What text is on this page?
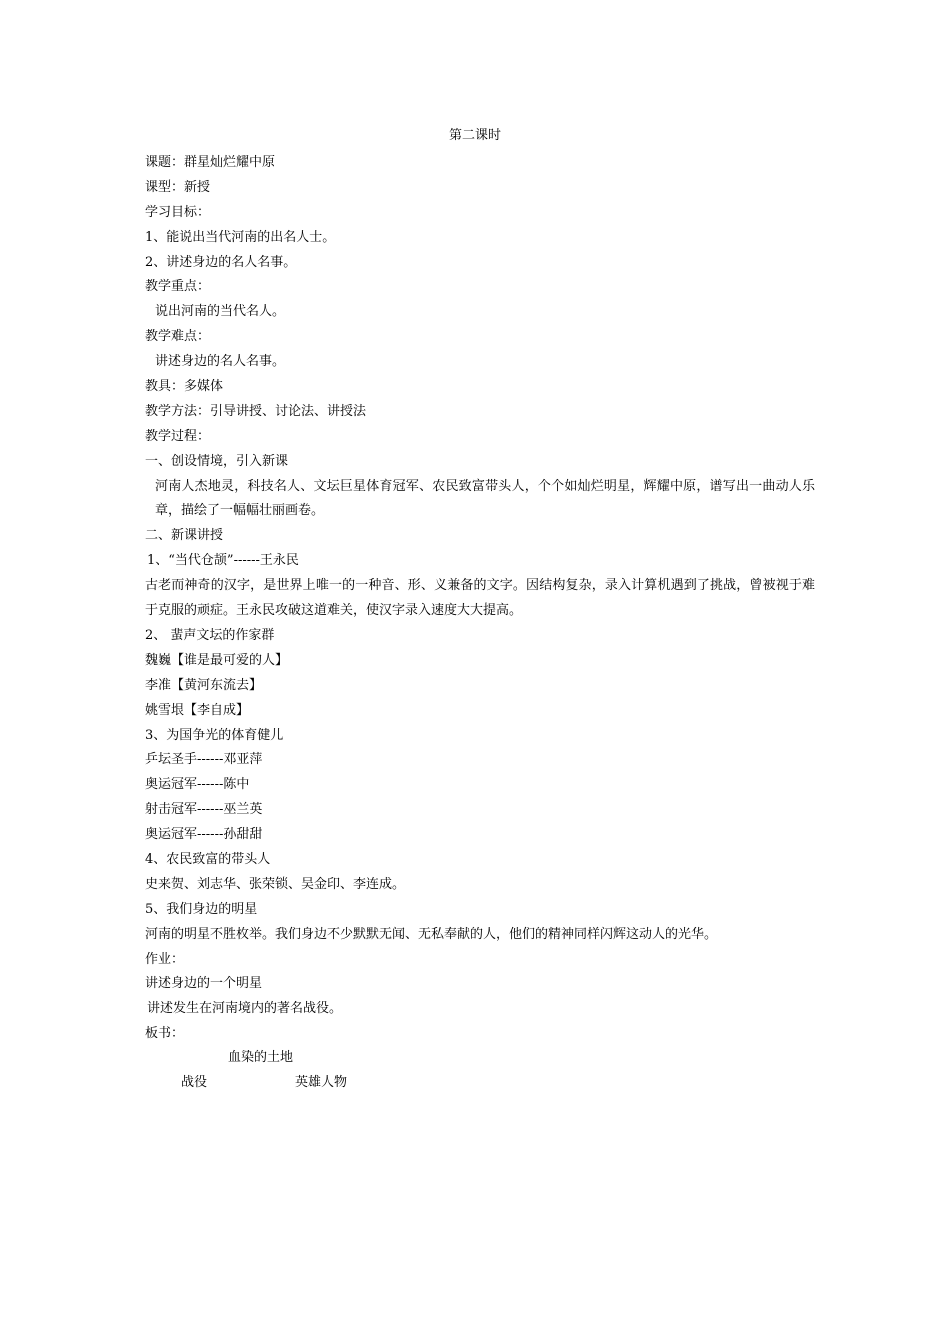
第二课时
课题：群星灿烂耀中原
课型：新授
学习目标：
1、能说出当代河南的出名人士。
2、讲述身边的名人名事。
教学重点：
说出河南的当代名人。
教学难点：
讲述身边的名人名事。
教具：多媒体
教学方法：引导讲授、讨论法、讲授法
教学过程：
一、创设情境，引入新课
河南人杰地灵，科技名人、文坛巨星体育冠军、农民致富带头人，个个如灿烂明星，辉耀中原，谱写出一曲动人乐章，描绘了一幅幅壮丽画卷。
二、新课讲授
1、“当代仓颉”------王永民
古老而神奇的汉字，是世界上唯一的一种音、形、义兼备的文字。因结构复杂，录入计算机遇到了挑战，曾被视于难于克服的顽症。王永民攻破这道难关，使汉字录入速度大大提高。
2、 蜚声文坛的作家群
魏巍【谁是最可爱的人】
李准【黄河东流去】
姚雪垠【李自成】
3、为国争光的体育健儿
乒坛圣手------邓亚萍
奥运冠军------陈中
射击冠军------巫兰英
奥运冠军------孙甜甜
4、农民致富的带头人
史来贺、刘志华、张荣锁、吴金印、李连成。
5、我们身边的明星
河南的明星不胜枚举。我们身边不少默默无闻、无私奉献的人，他们的精神同样闪辉这动人的光华。
作业：
讲述身边的一个明星
讲述发生在河南境内的著名战役。
板书：
血染的土地
战役	英雄人物
